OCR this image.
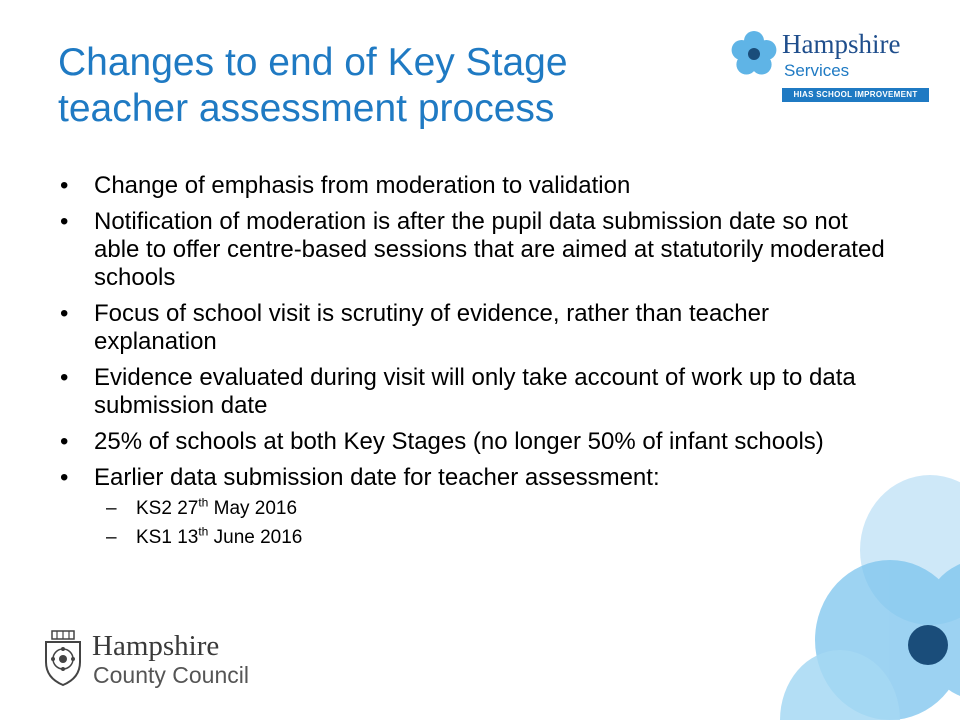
Changes to end of Key Stage
teacher assessment process
Hampshire
Services
HIAS SCHOOL IMPROVEMENT
• Change of emphasis from moderation to validation
• Notification of moderation is after the pupil data submission date so not able to offer centre-based sessions that are aimed at statutorily moderated schools
• Focus of school visit is scrutiny of evidence, rather than teacher explanation
• Evidence evaluated during visit will only take account of work up to data submission date
• 25% of schools at both Key Stages (no longer 50% of infant schools)
• Earlier data submission date for teacher assessment:
– KS2 27th May 2016
– KS1 13th June 2016
Hampshire
County Council
